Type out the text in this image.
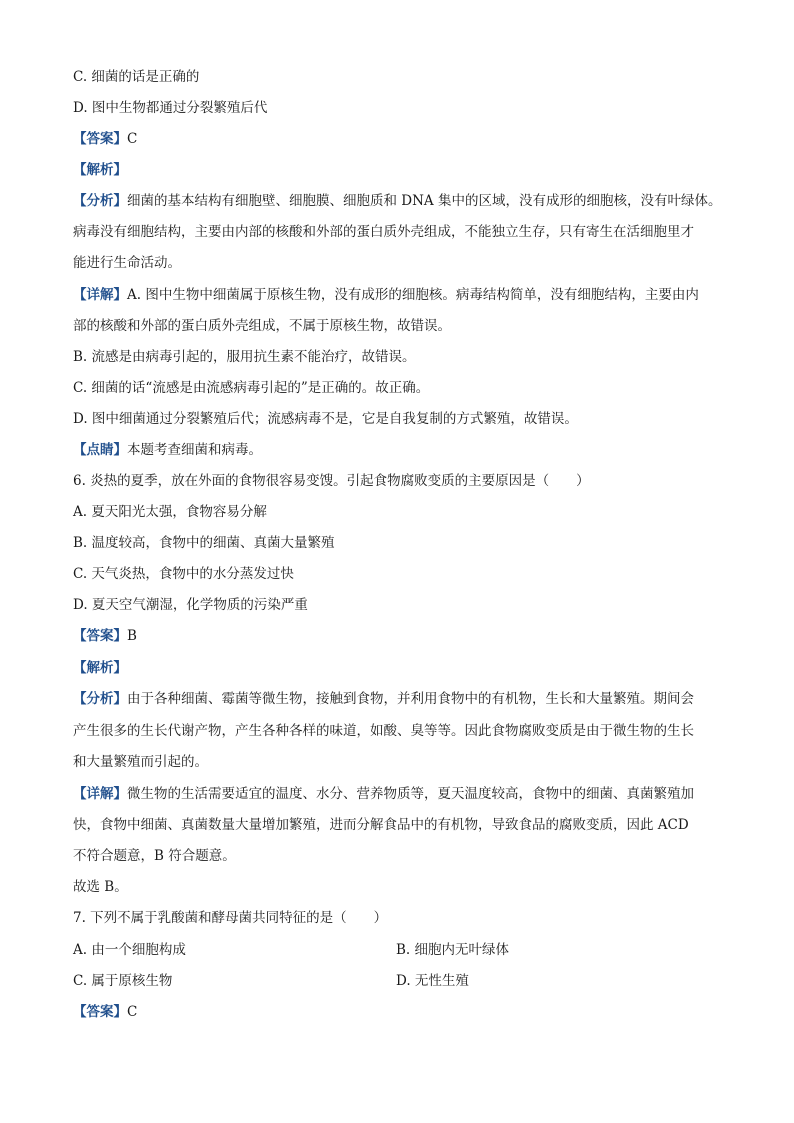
C. 细菌的话是正确的
D. 图中生物都通过分裂繁殖后代
【答案】C
【解析】
【分析】细菌的基本结构有细胞壁、细胞膜、细胞质和 DNA 集中的区域，没有成形的细胞核，没有叶绿体。
病毒没有细胞结构，主要由内部的核酸和外部的蛋白质外壳组成，不能独立生存，只有寄生在活细胞里才
能进行生命活动。
【详解】A. 图中生物中细菌属于原核生物，没有成形的细胞核。病毒结构简单，没有细胞结构，主要由内
部的核酸和外部的蛋白质外壳组成，不属于原核生物，故错误。
B. 流感是由病毒引起的，服用抗生素不能治疗，故错误。
C. 细菌的话“流感是由流感病毒引起的”是正确的。故正确。
D. 图中细菌通过分裂繁殖后代；流感病毒不是，它是自我复制的方式繁殖，故错误。
【点睛】本题考查细菌和病毒。
6. 炎热的夏季，放在外面的食物很容易变馊。引起食物腐败变质的主要原因是（　　）
A. 夏天阳光太强，食物容易分解
B. 温度较高，食物中的细菌、真菌大量繁殖
C. 天气炎热，食物中的水分蒸发过快
D. 夏天空气潮湿，化学物质的污染严重
【答案】B
【解析】
【分析】由于各种细菌、霉菌等微生物，接触到食物，并利用食物中的有机物，生长和大量繁殖。期间会
产生很多的生长代谢产物，产生各种各样的味道，如酸、臭等等。因此食物腐败变质是由于微生物的生长
和大量繁殖而引起的。
【详解】微生物的生活需要适宜的温度、水分、营养物质等，夏天温度较高，食物中的细菌、真菌繁殖加
快，食物中细菌、真菌数量大量增加繁殖，进而分解食品中的有机物，导致食品的腐败变质，因此 ACD
不符合题意，B 符合题意。
故选 B。
7. 下列不属于乳酸菌和酵母菌共同特征的是（　　）
A. 由一个细胞构成	B. 细胞内无叶绿体
C. 属于原核生物	D. 无性生殖
【答案】C
